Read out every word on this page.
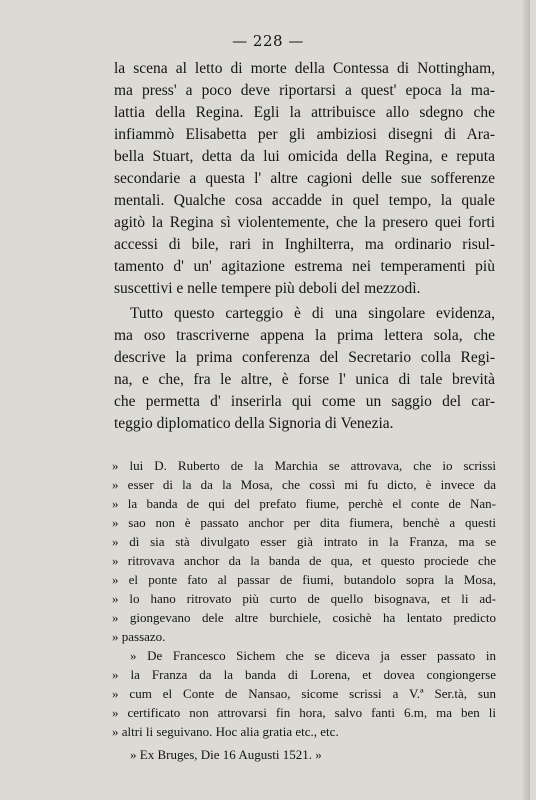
— 228 —
la scena al letto di morte della Contessa di Nottingham,
ma press' a poco deve riportarsi a quest' epoca la ma-
lattia della Regina. Egli la attribuisce allo sdegno che
infiammò Elisabetta per gli ambiziosi disegni di Ara-
bella Stuart, detta da lui omicida della Regina, e reputa
secondarie a questa l' altre cagioni delle sue sofferenze
mentali. Qualche cosa accadde in quel tempo, la quale
agitò la Regina sì violentemente, che la presero quei forti
accessi di bile, rari in Inghilterra, ma ordinario risul-
tamento d' un' agitazione estrema nei temperamenti più
suscettivi e nelle tempere più deboli del mezzodì.
Tutto questo carteggio è di una singolare evidenza,
ma oso trascriverne appena la prima lettera sola, che
descrive la prima conferenza del Secretario colla Regi-
na, e che, fra le altre, è forse l' unica di tale brevità
che permetta d' inserirla qui come un saggio del car-
teggio diplomatico della Signoria di Venezia.
» lui D. Ruberto de la Marchia se attrovava, che io scrissi
» esser di la da la Mosa, che cossì mi fu dicto, è invece da
» la banda de qui del prefato fiume, perchè el conte de Nan-
» sao non è passato anchor per dita fiumera, benchè a questi
» dì sia stà divulgato esser già intrato in la Franza, ma se
» ritrovava anchor da la banda de qua, et questo prociede che
» el ponte fato al passar de fiumi, butandolo sopra la Mosa,
» lo hano ritrovato più curto de quello bisognava, et li ad-
» giongevano dele altre burchiele, cosichè ha lentato predicto
» passazo.
» De Francesco Sichem che se diceva ja esser passato in
» la Franza da la banda di Lorena, et dovea congiongerse
» cum el Conte de Nansao, sicome scrissi a V.ª Ser.tà, sun
» certificato non attrovarsi fin hora, salvo fanti 6.m, ma ben li
» altri li seguivano. Hoc alia gratia etc., etc.
» Ex Bruges, Die 16 Augusti 1521. »
